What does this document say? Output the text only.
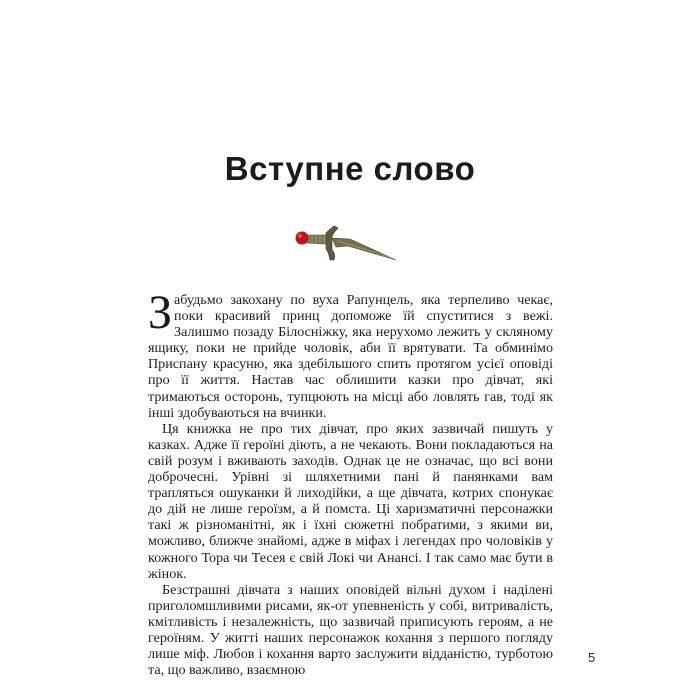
Вступне слово

Забудьмо закохану по вуха Рапунцель, яка терпеливо чекає, поки красивий принц допоможе їй спуститися з вежі. Залишмо позаду Білосніжку, яка нерухомо лежить у скляному ящику, поки не прийде чоловік, аби її врятувати. Та обминімо Приспану красуню, яка здебільшого спить протягом усієї оповіді про її життя. Настав час облишити казки про дівчат, які тримаються осторонь, тупцюють на місці або ловлять гав, тоді як інші здобуваються на вчинки.

Ця книжка не про тих дівчат, про яких зазвичай пишуть у казках. Адже її героїні діють, а не чекають. Вони покладаються на свій розум і вживають заходів. Однак це не означає, що всі вони доброчесні. Урівні зі шляхетними пані й панянками вам трапляться ошуканки й лиходійки, а ще дівчата, котрих спонукає до дій не лише героїзм, а й помста. Ці харизматичні персонажки такі ж різноманітні, як і їхні сюжетні побратими, з якими ви, можливо, ближче знайомі, адже в міфах і легендах про чоловіків у кожного Тора чи Тесея є свій Локі чи Анансі. І так само має бути в жінок.

Безстрашні дівчата з наших оповідей вільні духом і наділені приголомшливими рисами, як-от упевненість у собі, витривалість, кмітливість і незалежність, що зазвичай приписують героям, а не героїням. У житті наших персонажок кохання з першого погляду лише міф. Любов і кохання варто заслужити відданістю, турботою та, що важливо, взаємною

5
